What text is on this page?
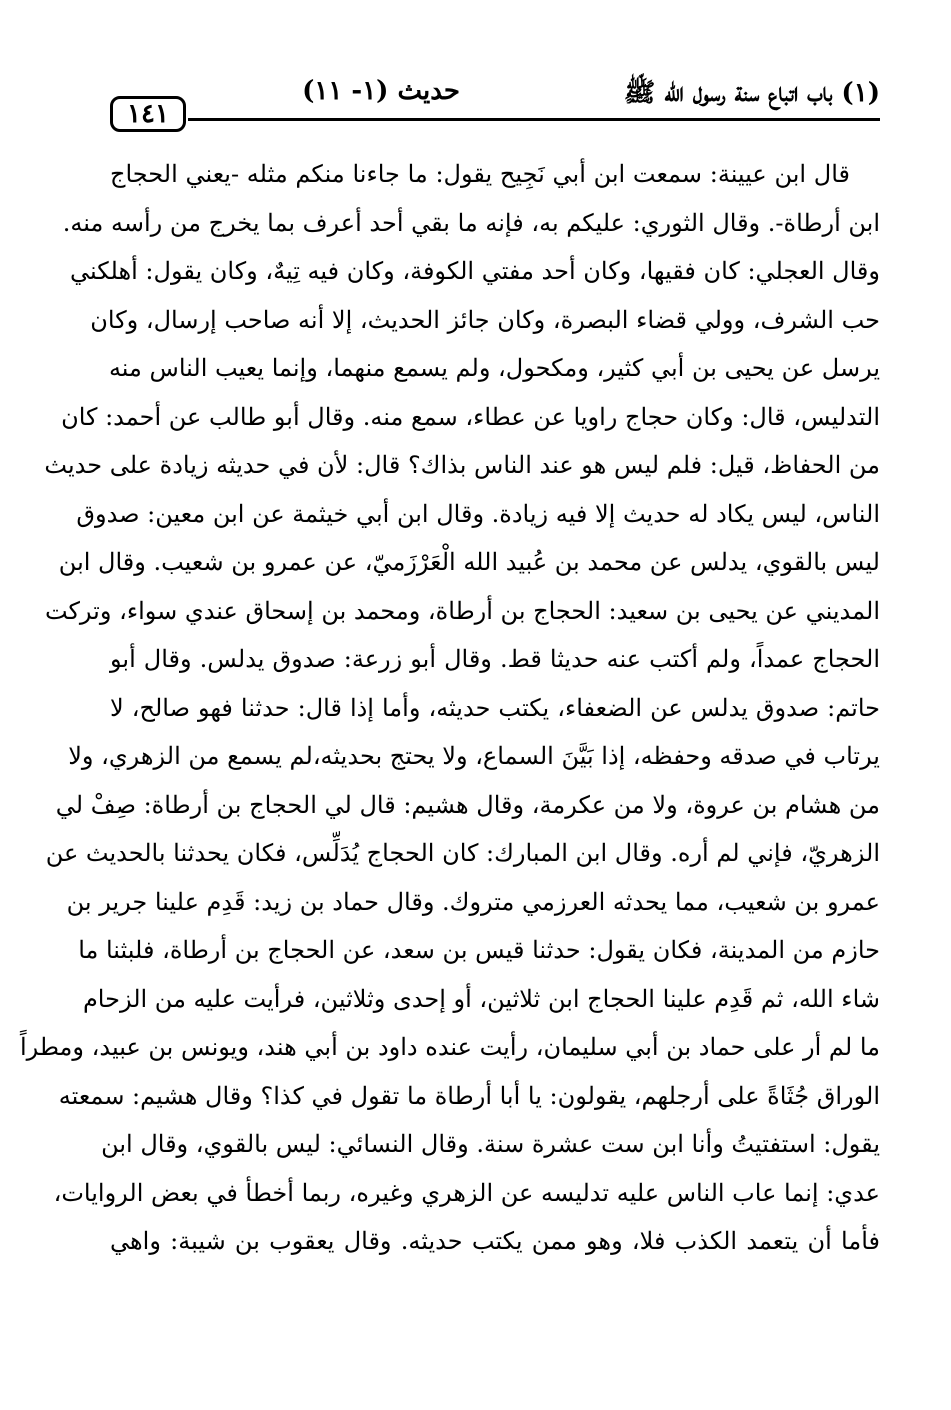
(١) باب اتباع سنة رسول الله ﷺ
حديث (١- ١١)
١٤١
قال ابن عيينة: سمعت ابن أبي نَجِيح يقول: ما جاءنا منكم مثله -يعني الحجاج
ابن أرطاة-. وقال الثوري: عليكم به، فإنه ما بقي أحد أعرف بما يخرج من رأسه منه.
وقال العجلي: كان فقيها، وكان أحد مفتي الكوفة، وكان فيه تِيهٌ، وكان يقول: أهلكني
حب الشرف، وولي قضاء البصرة، وكان جائز الحديث، إلا أنه صاحب إرسال، وكان
يرسل عن يحيى بن أبي كثير، ومكحول، ولم يسمع منهما، وإنما يعيب الناس منه
التدليس، قال: وكان حجاج راويا عن عطاء، سمع منه. وقال أبو طالب عن أحمد: كان
من الحفاظ، قيل: فلم ليس هو عند الناس بذاك؟ قال: لأن في حديثه زيادة على حديث
الناس، ليس يكاد له حديث إلا فيه زيادة. وقال ابن أبي خيثمة عن ابن معين: صدوق
ليس بالقوي، يدلس عن محمد بن عُبيد الله الْعَرْزَميّ، عن عمرو بن شعيب. وقال ابن
المديني عن يحيى بن سعيد: الحجاج بن أرطاة، ومحمد بن إسحاق عندي سواء، وتركت
الحجاج عمداً، ولم أكتب عنه حديثا قط. وقال أبو زرعة: صدوق يدلس. وقال أبو
حاتم: صدوق يدلس عن الضعفاء، يكتب حديثه، وأما إذا قال: حدثنا فهو صالح، لا
يرتاب في صدقه وحفظه، إذا بَيَّنَ السماع، ولا يحتج بحديثه،لم يسمع من الزهري، ولا
من هشام بن عروة، ولا من عكرمة، وقال هشيم: قال لي الحجاج بن أرطاة: صِفْ لي
الزهريّ، فإني لم أره. وقال ابن المبارك: كان الحجاج يُدَلِّس، فكان يحدثنا بالحديث عن
عمرو بن شعيب، مما يحدثه العرزمي متروك. وقال حماد بن زيد: قَدِم علينا جرير بن
حازم من المدينة، فكان يقول: حدثنا قيس بن سعد، عن الحجاج بن أرطاة، فلبثنا ما
شاء الله، ثم قَدِم علينا الحجاج ابن ثلاثين، أو إحدى وثلاثين، فرأيت عليه من الزحام
ما لم أر على حماد بن أبي سليمان، رأيت عنده داود بن أبي هند، ويونس بن عبيد، ومطراً
الوراق جُثَاةً على أرجلهم، يقولون: يا أبا أرطاة ما تقول في كذا؟ وقال هشيم: سمعته
يقول: استفتيتُ وأنا ابن ست عشرة سنة. وقال النسائي: ليس بالقوي، وقال ابن
عدي: إنما عاب الناس عليه تدليسه عن الزهري وغيره، ربما أخطأ في بعض الروايات،
فأما أن يتعمد الكذب فلا، وهو ممن يكتب حديثه. وقال يعقوب بن شيبة: واهي
